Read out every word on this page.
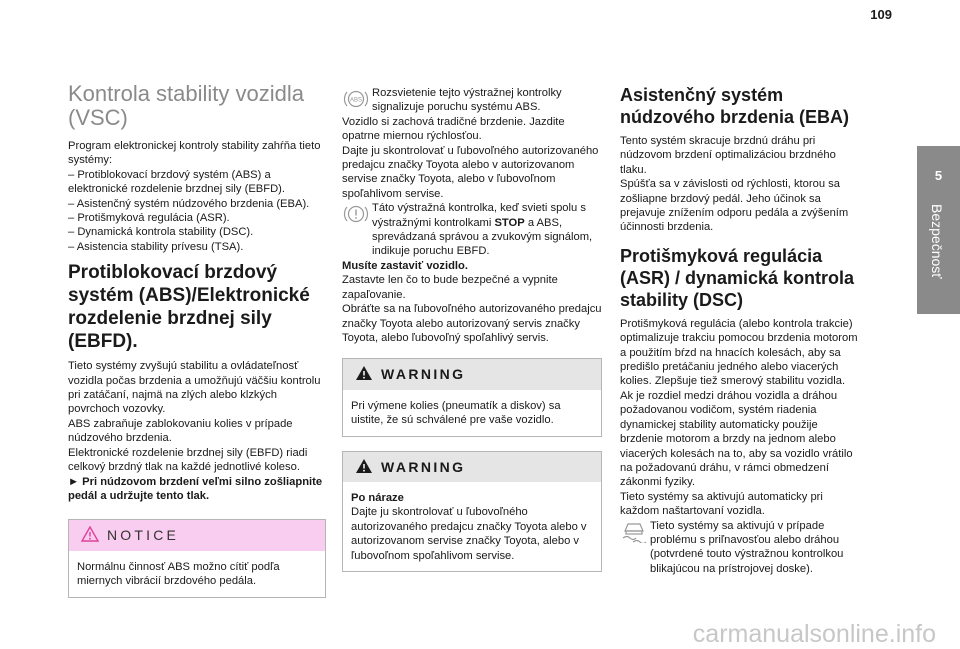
109
5
Bezpečnosť
Kontrola stability vozidla (VSC)

Program elektronickej kontroly stability zahŕňa tieto systémy:

– Protiblokovací brzdový systém (ABS) a elektronické rozdelenie brzdnej sily (EBFD).

– Asistenčný systém núdzového brzdenia (EBA).

– Protišmyková regulácia (ASR).

– Dynamická kontrola stability (DSC).

– Asistencia stability prívesu (TSA).

Protiblokovací brzdový systém (ABS)/Elektronické rozdelenie brzdnej sily (EBFD).

Tieto systémy zvyšujú stabilitu a ovládateľnosť vozidla počas brzdenia a umožňujú väčšiu kontrolu pri zatáčaní, najmä na zlých alebo klzkých povrchoch vozovky.

ABS zabraňuje zablokovaniu kolies v prípade núdzového brzdenia.

Elektronické rozdelenie brzdnej sily (EBFD) riadi celkový brzdný tlak na každé jednotlivé koleso.

► Pri núdzovom brzdení veľmi silno zošliapnite pedál a udržujte tento tlak.

NOTICE

Normálnu činnosť ABS možno cítiť podľa miernych vibrácií brzdového pedála.

ABS
Rozsvietenie tejto výstražnej kontrolky signalizuje poruchu systému ABS.

Vozidlo si zachová tradičné brzdenie. Jazdite opatrne miernou rýchlosťou.

Dajte ju skontrolovať u ľubovoľného autorizovaného predajcu značky Toyota alebo v autorizovanom servise značky Toyota, alebo v ľubovoľnom spoľahlivom servise.

Táto výstražná kontrolka, keď svieti spolu s výstražnými kontrolkami STOP a ABS, sprevádzaná správou a zvukovým signálom, indikuje poruchu EBFD.

Musíte zastaviť vozidlo.

Zastavte len čo to bude bezpečné a vypnite zapaľovanie.

Obráťte sa na ľubovoľného autorizovaného predajcu značky Toyota alebo autorizovaný servis značky Toyota, alebo ľubovoľný spoľahlivý servis.

WARNING

Pri výmene kolies (pneumatík a diskov) sa uistite, že sú schválené pre vaše vozidlo.

WARNING

Po náraze

Dajte ju skontrolovať u ľubovoľného autorizovaného predajcu značky Toyota alebo v autorizovanom servise značky Toyota, alebo v ľubovoľnom spoľahlivom servise.

Asistenčný systém núdzového brzdenia (EBA)

Tento systém skracuje brzdnú dráhu pri núdzovom brzdení optimalizáciou brzdného tlaku.

Spúšťa sa v závislosti od rýchlosti, ktorou sa zošliapne brzdový pedál. Jeho účinok sa prejavuje znížením odporu pedála a zvýšením účinnosti brzdenia.

Protišmyková regulácia (ASR) / dynamická kontrola stability (DSC)

Protišmyková regulácia (alebo kontrola trakcie) optimalizuje trakciu pomocou brzdenia motorom a použitím bŕzd na hnacích kolesách, aby sa predišlo pretáčaniu jedného alebo viacerých kolies. Zlepšuje tiež smerový stabilitu vozidla.

Ak je rozdiel medzi dráhou vozidla a dráhou požadovanou vodičom, systém riadenia dynamickej stability automaticky použije brzdenie motorom a brzdy na jednom alebo viacerých kolesách na to, aby sa vozidlo vrátilo na požadovanú dráhu, v rámci obmedzení zákonmi fyziky.

Tieto systémy sa aktivujú automaticky pri každom naštartovaní vozidla.

Tieto systémy sa aktivujú v prípade problému s priľnavosťou alebo dráhou (potvrdené touto výstražnou kontrolkou blikajúcou na prístrojovej doske).
carmanualsonline.info
